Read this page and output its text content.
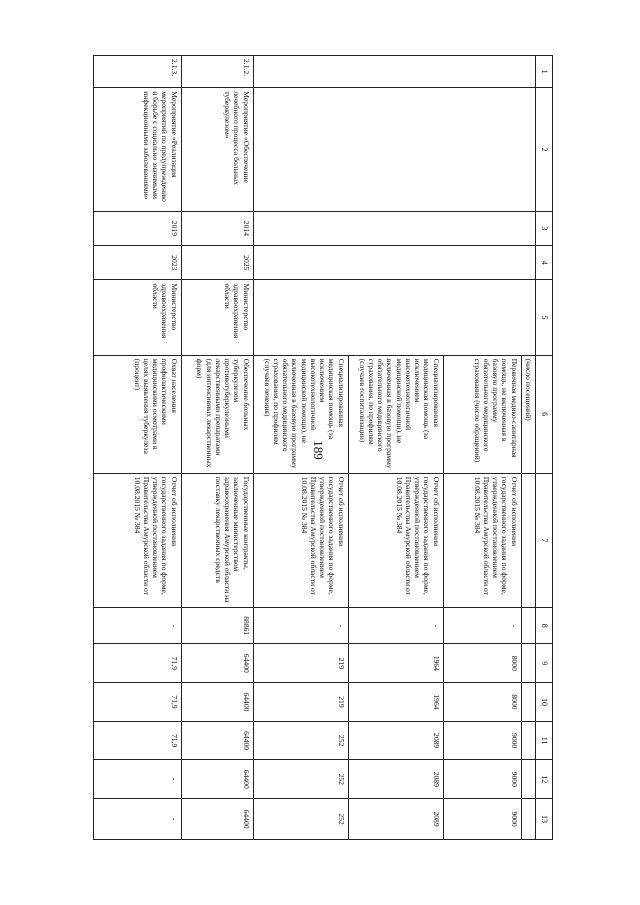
189
1	2	3	4	5	6	7	8	9	10	11	12	13
					(число посещений)							
					Первичная медико-санитарная помощь, не включенная в базовую программу обязательного медицинского страхования (число обращений)	Отчет об исполнении государственного задания по форме, утвержденной постановлением Правительства Амурской области от 10.08.2015 № 384	-	8000	8000	9000	9000	9000
					Специализированная медицинская помощь (за исключением высокотехнологичной медицинской помощи), не включенная в базовую программу обязательного медицинского страхования, по профилям (случаев госпитализации)	Отчет об исполнении государственного задания по форме, утвержденной постановлением Правительства Амурской области от 10.08.2015 № 384	-	1964	1964	2089	2089	2089
					Специализированная медицинская помощь (за исключением высокотехнологичной медицинской помощи), не включенная в базовую программу обязательного медицинского страхования, по профилям (случаев лечения)	Отчет об исполнении государственного задания по форме, утвержденной постановлением Правительства Амурской области от 10.08.2015 № 384	-	219	219	252	252	252
2.1.2.	Мероприятие «Обеспечение лечебного процесса больных туберкулезом»	2014	2025	Министерство здравоохранения области	Обеспечение больных туберкулезом противотуберкулезными лекарственными препаратами (для интенсивных лекарственных форм)	Государственные контракты, заключенные министерством здравоохранения Амурской области на поставку лекарственных средств	88861	64400	64400	64400	64400	64400
2.1.3.	Мероприятие «Реализация мероприятий по предупреждению и борьбе с социально значимыми инфекционными заболеваниями»	2019	2023	Министерство здравоохранения области	Охват населения профилактическими медицинскими осмотрами в целях выявления туберкулеза (процент)	Отчет об исполнении государственного задания по форме, утвержденной постановлением Правительства Амурской области от 10.08.2015 № 384	-	71,9	71,9	71,9	-	-
